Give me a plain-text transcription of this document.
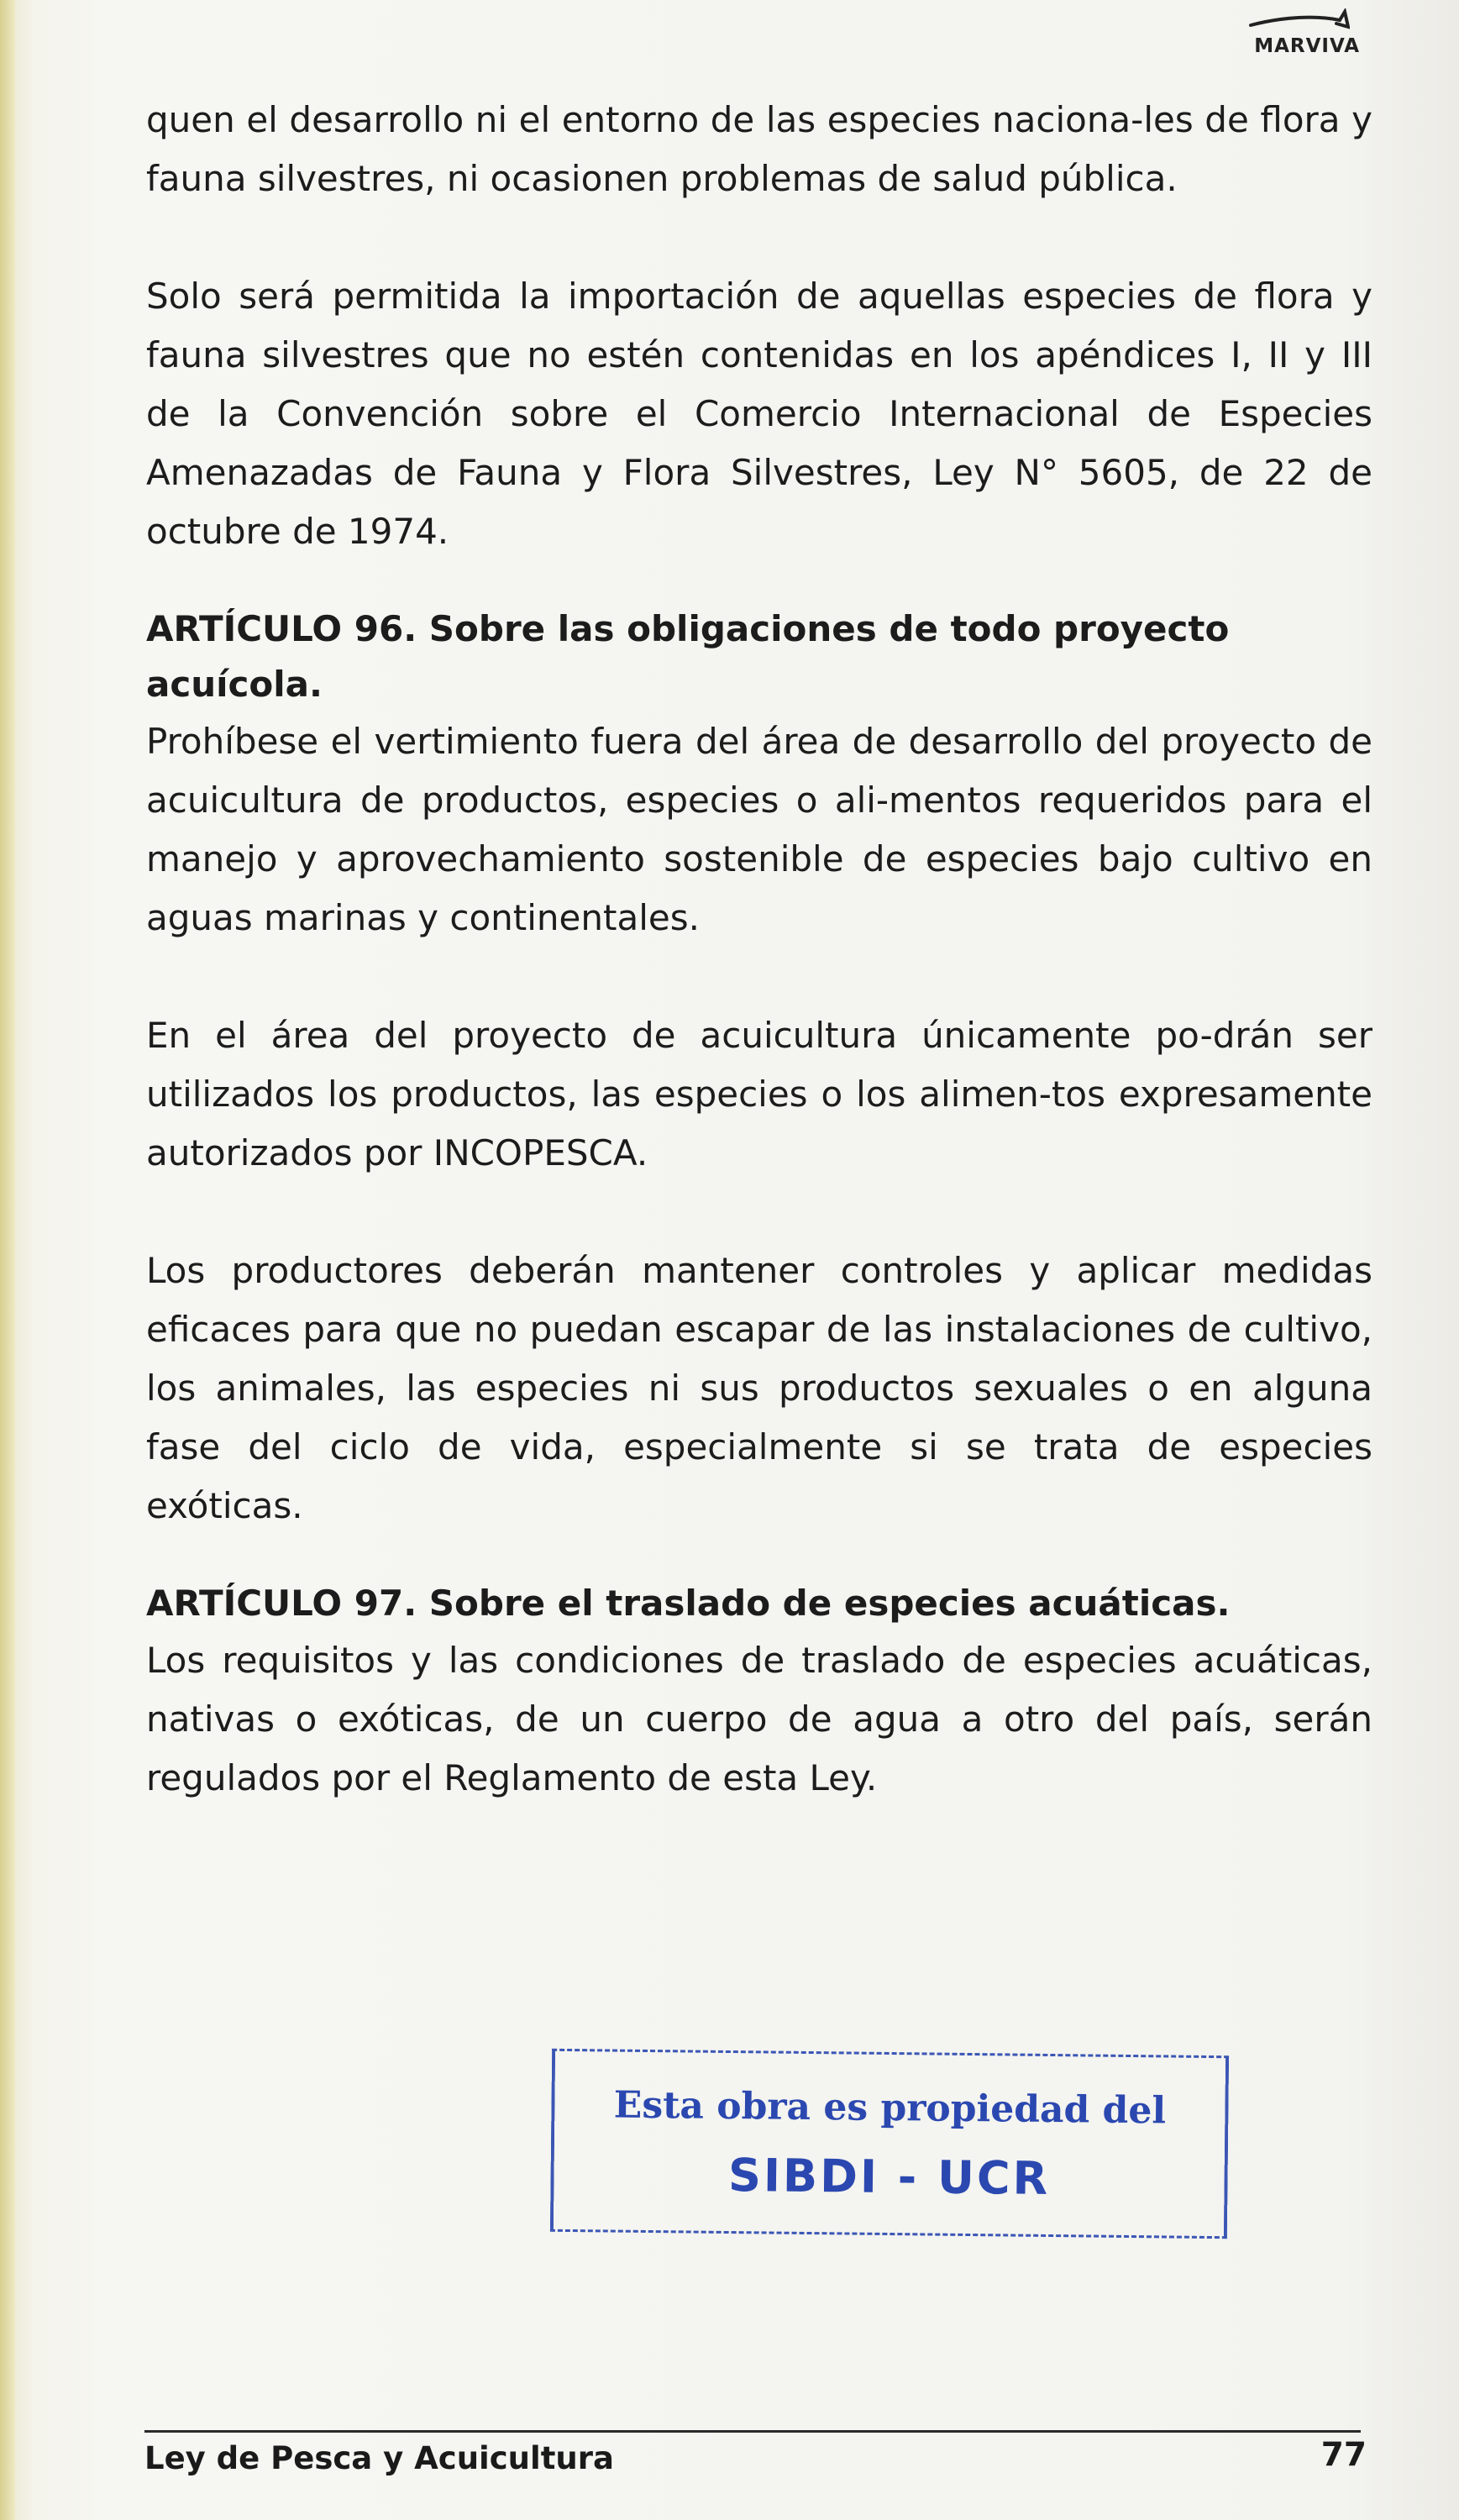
MARVIVA

quen el desarrollo ni el entorno de las especies naciona-les de flora y fauna silvestres, ni ocasionen problemas de salud pública.

Solo será permitida la importación de aquellas especies de flora y fauna silvestres que no estén contenidas en los apéndices I, II y III de la Convención sobre el Comercio Internacional de Especies Amenazadas de Fauna y Flora Silvestres, Ley N° 5605, de 22 de octubre de 1974.

ARTÍCULO 96. Sobre las obligaciones de todo proyecto acuícola.

Prohíbese el vertimiento fuera del área de desarrollo del proyecto de acuicultura de productos, especies o ali-mentos requeridos para el manejo y aprovechamiento sostenible de especies bajo cultivo en aguas marinas y continentales.

En el área del proyecto de acuicultura únicamente po-drán ser utilizados los productos, las especies o los alimen-tos expresamente autorizados por INCOPESCA.

Los productores deberán mantener controles y aplicar medidas eficaces para que no puedan escapar de las instalaciones de cultivo, los animales, las especies ni sus productos sexuales o en alguna fase del ciclo de vida, especialmente si se trata de especies exóticas.

ARTÍCULO 97. Sobre el traslado de especies acuáticas.

Los requisitos y las condiciones de traslado de especies acuáticas, nativas o exóticas, de un cuerpo de agua a otro del país, serán regulados por el Reglamento de esta Ley.

Esta obra es propiedad del
SIBDI - UCR
Ley de Pesca y Acuicultura	77
